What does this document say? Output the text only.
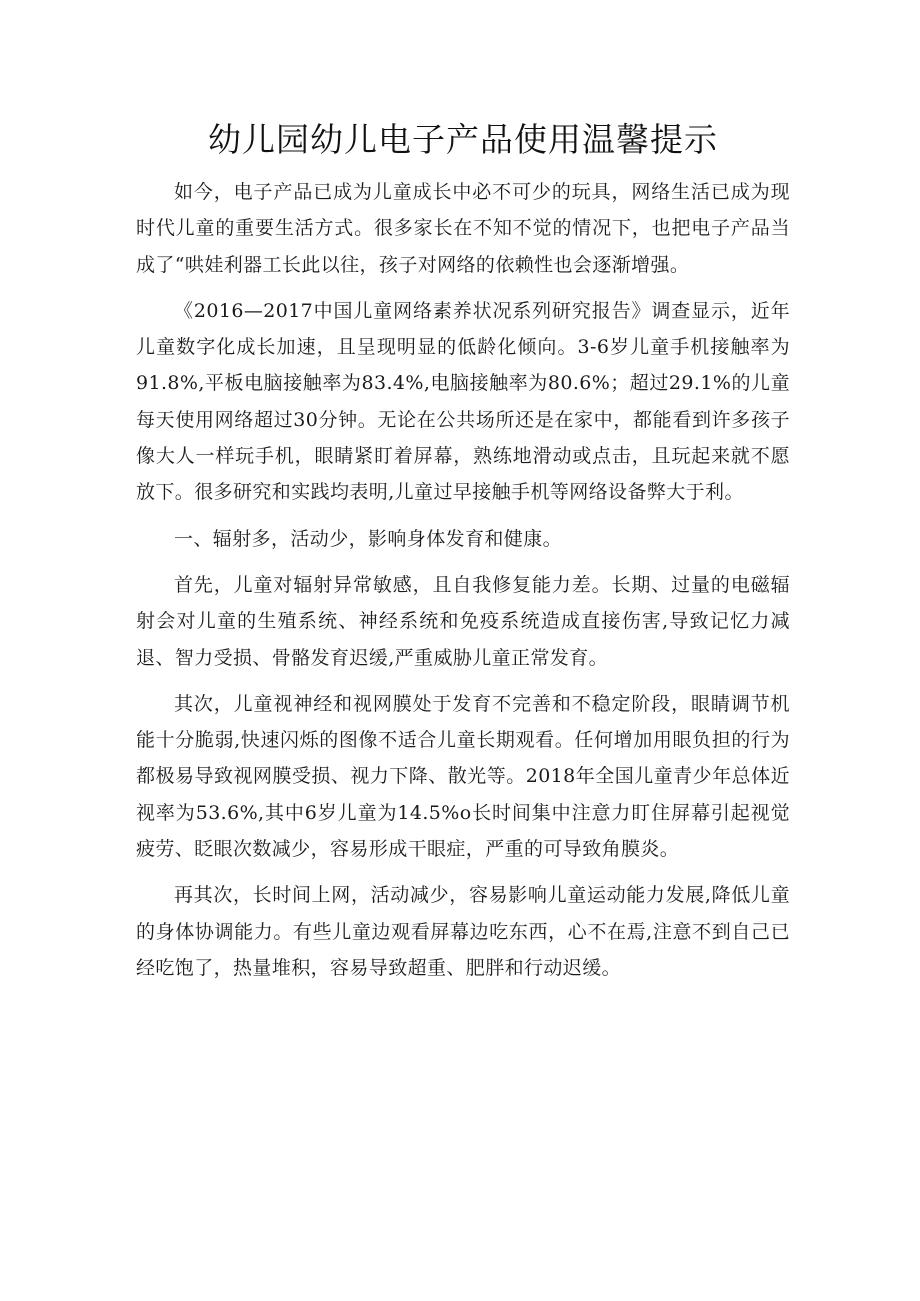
幼儿园幼儿电子产品使用温馨提示

如今，电子产品已成为儿童成长中必不可少的玩具，网络生活已成为现时代儿童的重要生活方式。很多家长在不知不觉的情况下，也把电子产品当成了“哄娃利器工长此以往，孩子对网络的依赖性也会逐渐增强。

《2016—2017中国儿童网络素养状况系列研究报告》调查显示，近年儿童数字化成长加速，且呈现明显的低龄化倾向。3-6岁儿童手机接触率为91.8%,平板电脑接触率为83.4%,电脑接触率为80.6%；超过29.1%的儿童每天使用网络超过30分钟。无论在公共场所还是在家中，都能看到许多孩子像大人一样玩手机，眼睛紧盯着屏幕，熟练地滑动或点击，且玩起来就不愿放下。很多研究和实践均表明,儿童过早接触手机等网络设备弊大于利。

一、辐射多，活动少，影响身体发育和健康。

首先，儿童对辐射异常敏感，且自我修复能力差。长期、过量的电磁辐射会对儿童的生殖系统、神经系统和免疫系统造成直接伤害,导致记忆力减退、智力受损、骨骼发育迟缓,严重威胁儿童正常发育。

其次，儿童视神经和视网膜处于发育不完善和不稳定阶段，眼睛调节机能十分脆弱,快速闪烁的图像不适合儿童长期观看。任何增加用眼负担的行为都极易导致视网膜受损、视力下降、散光等。2018年全国儿童青少年总体近视率为53.6%,其中6岁儿童为14.5%o长时间集中注意力盯住屏幕引起视觉疲劳、眨眼次数减少，容易形成干眼症，严重的可导致角膜炎。

再其次，长时间上网，活动减少，容易影响儿童运动能力发展,降低儿童的身体协调能力。有些儿童边观看屏幕边吃东西，心不在焉,注意不到自己已经吃饱了，热量堆积，容易导致超重、肥胖和行动迟缓。
